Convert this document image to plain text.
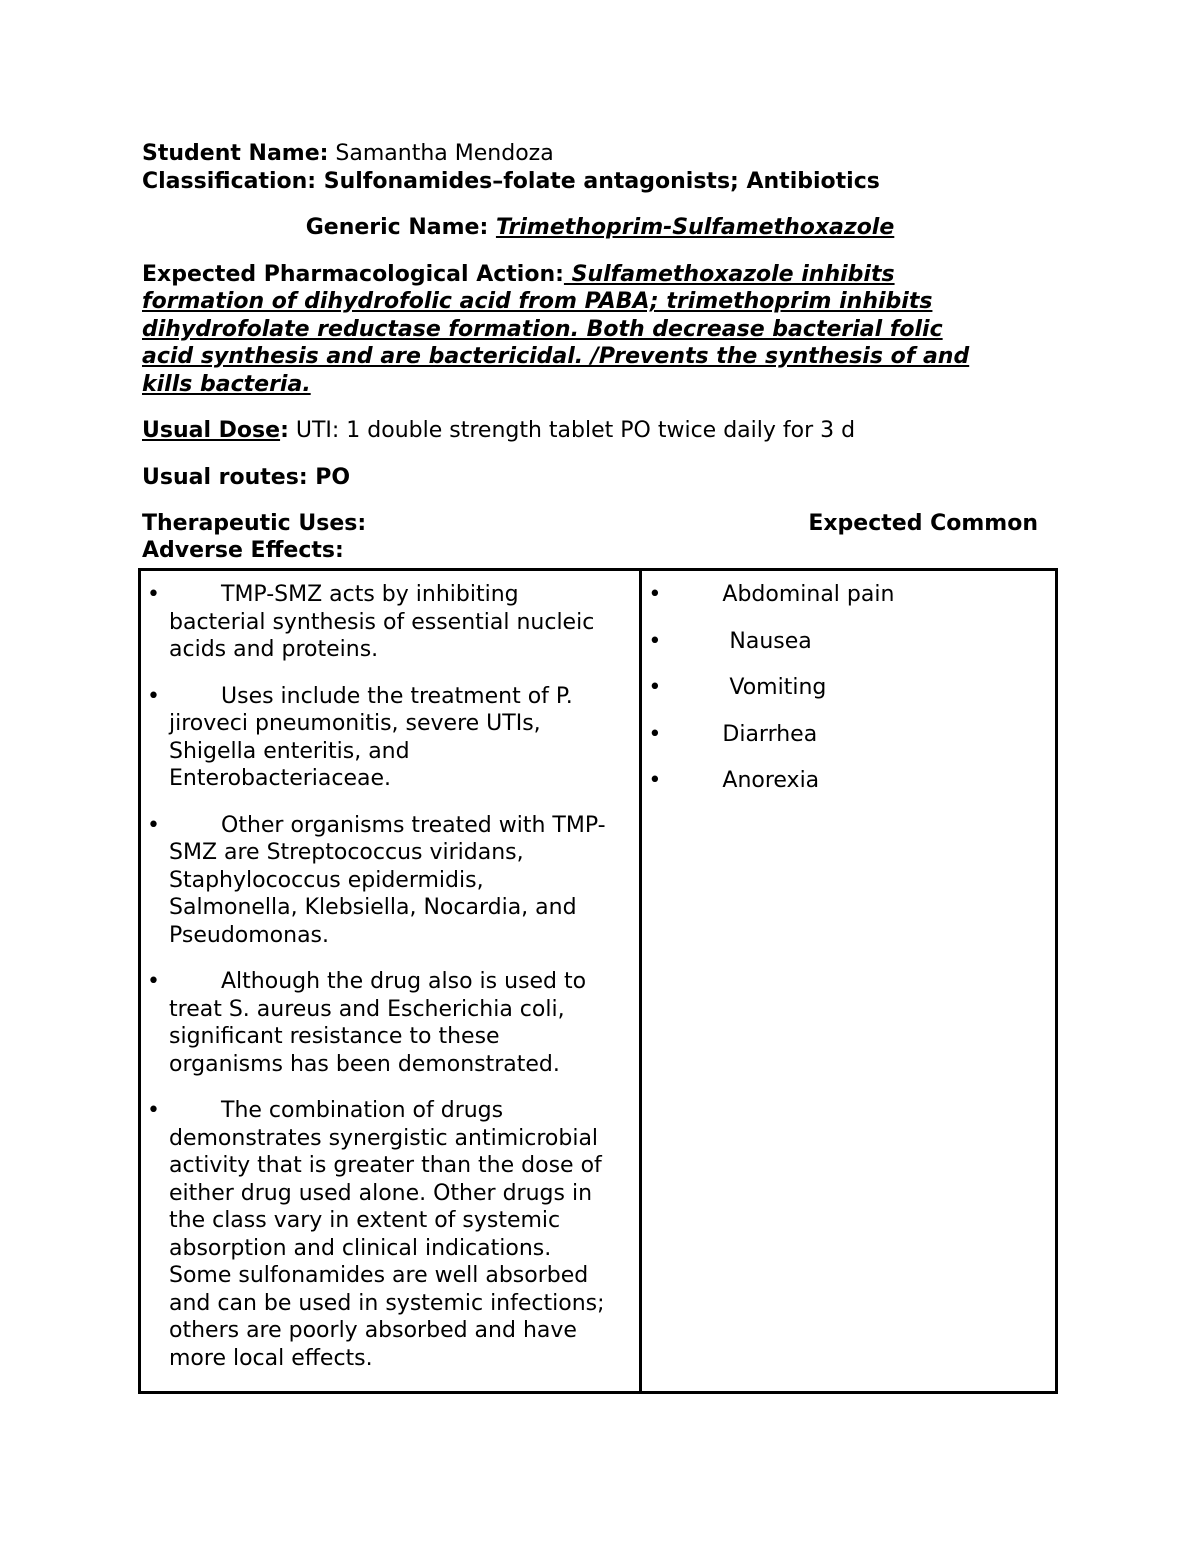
Student Name: Samantha Mendoza

Classification: Sulfonamides–folate antagonists; Antibiotics

Generic Name: Trimethoprim-Sulfamethoxazole

Expected Pharmacological Action: Sulfamethoxazole inhibits

formation of dihydrofolic acid from PABA; trimethoprim inhibits

dihydrofolate reductase formation. Both decrease bacterial folic

acid synthesis and are bactericidal. /Prevents the synthesis of and

kills bacteria.

Usual Dose: UTI: 1 double strength tablet PO twice daily for 3 d

Usual routes: PO

Therapeutic Uses:	Expected Common
Adverse Effects:
•	TMP-SMZ acts by inhibiting
bacterial synthesis of essential nucleic
acids and proteins.
•	Uses include the treatment of P.
jiroveci pneumonitis, severe UTIs,
Shigella enteritis, and
Enterobacteriaceae.
•	Other organisms treated with TMP-
SMZ are Streptococcus viridans,
Staphylococcus epidermidis,
Salmonella, Klebsiella, Nocardia, and
Pseudomonas.
•	Although the drug also is used to
treat S. aureus and Escherichia coli,
significant resistance to these
organisms has been demonstrated.
•	The combination of drugs
demonstrates synergistic antimicrobial
activity that is greater than the dose of
either drug used alone. Other drugs in
the class vary in extent of systemic
absorption and clinical indications.
Some sulfonamides are well absorbed
and can be used in systemic infections;
others are poorly absorbed and have
more local effects.

•	Abdominal pain
•	Nausea
•	Vomiting
•	Diarrhea
•	Anorexia
